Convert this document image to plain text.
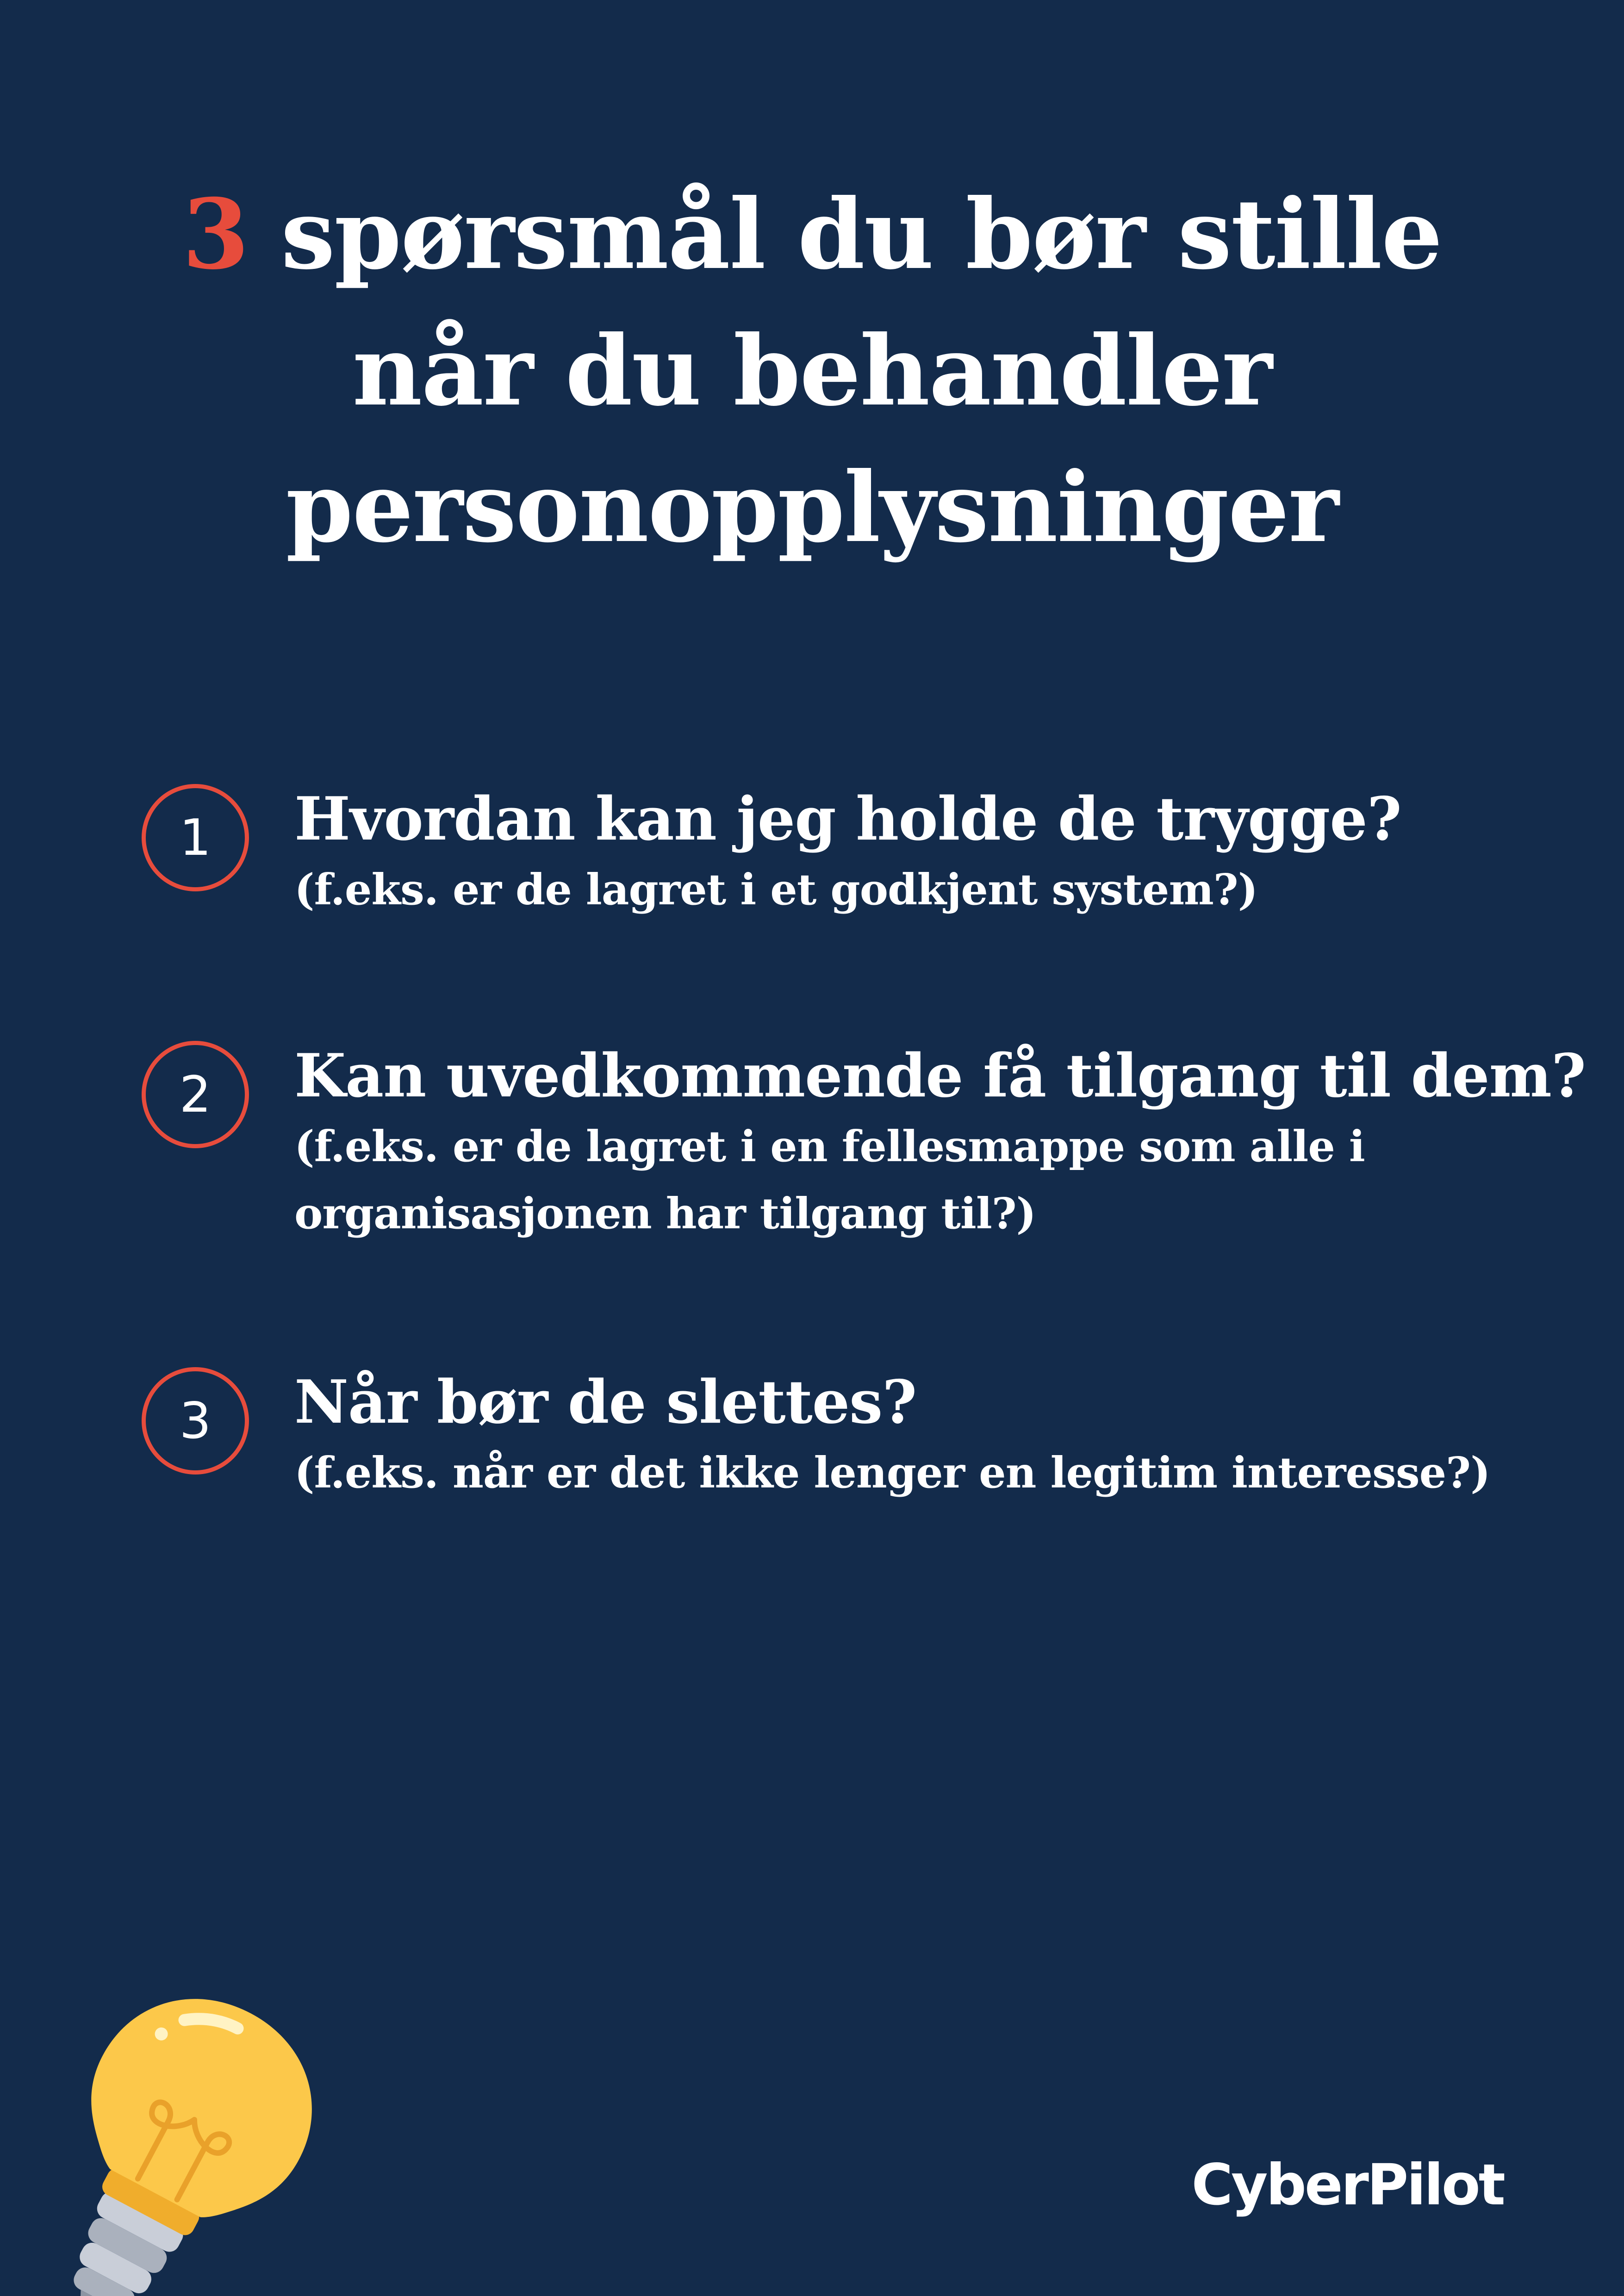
3 spørsmål du bør stille
når du behandler
personopplysninger
1	Hvordan kan jeg holde de trygge?
(f.eks. er de lagret i et godkjent system?)
2	Kan uvedkommende få tilgang til dem?
(f.eks. er de lagret i en fellesmappe som alle i
organisasjonen har tilgang til?)
3	Når bør de slettes?
(f.eks. når er det ikke lenger en legitim interesse?)
CyberPilot
